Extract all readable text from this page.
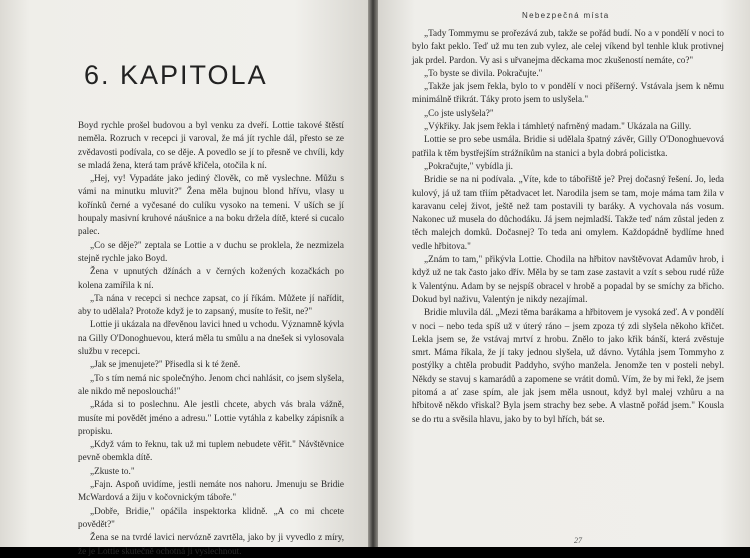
6. KAPITOLA

Boyd rychle prošel budovou a byl venku za dveří. Lottie takové štěstí neměla. Rozruch v recepci ji varoval, že má jít rychle dál, přesto se ze zvědavosti podívala, co se děje. A povedlo se jí to přesně ve chvíli, kdy se mladá žena, která tam právě křičela, otočila k ní.

„Hej, vy! Vypadáte jako jediný člověk, co mě vyslechne. Můžu s vámi na minutku mluvit?" Žena měla bujnou blond hřívu, vlasy u kořínků černé a vyčesané do culíku vysoko na temeni. V uších se jí houpaly masivní kruhové náušnice a na boku držela dítě, které si cucalo palec.

„Co se děje?" zeptala se Lottie a v duchu se proklela, že nezmizela stejně rychle jako Boyd.

Žena v upnutých džínách a v černých kožených kozačkách po kolena zamířila k ní.

„Ta nána v recepci si nechce zapsat, co jí říkám. Můžete jí nařídit, aby to udělala? Protože když je to zapsaný, musíte to řešit, ne?"

Lottie ji ukázala na dřevěnou lavici hned u vchodu. Významně kývla na Gilly O'Donoghuevou, která měla tu smůlu a na dnešek si vylosovala službu v recepci.

„Jak se jmenujete?" Přisedla si k té ženě.

„To s tím nemá nic společnýho. Jenom chci nahlásit, co jsem slyšela, ale nikdo mě neposlouchá!"

„Ráda si to poslechnu. Ale jestli chcete, abych vás brala vážně, musíte mi povědět jméno a adresu." Lottie vytáhla z kabelky zápisník a propisku.

„Když vám to řeknu, tak už mi tuplem nebudete věřit." Návštěvnice pevně obemkla dítě.

„Zkuste to."

„Fajn. Aspoň uvidíme, jestli nemáte nos nahoru. Jmenuju se Bridie McWardová a žiju v kočovnickým táboře."

„Dobře, Bridie," opáčila inspektorka klidně. „A co mi chcete povědět?"

Žena se na tvrdé lavici nervózně zavrtěla, jako by ji vyvedlo z míry, že je Lottie skutečně ochotná ji vyslechnout.

Nebezpečná místa

„Tady Tommymu se prořezává zub, takže se pořád budí. No a v pondělí v noci to bylo fakt peklo. Teď už mu ten zub vylez, ale celej víkend byl tenhle kluk protivnej jak prdel. Pardon. Vy asi s uřvanejma děckama moc zkušeností nemáte, co?"

„To byste se divila. Pokračujte."

„Takže jak jsem řekla, bylo to v pondělí v noci příšerný. Vstávala jsem k němu minimálně třikrát. Táky proto jsem to uslyšela."

„Co jste uslyšela?"

„Výkřiky. Jak jsem řekla i támhletý nafrněný madam." Ukázala na Gilly.

Lottie se pro sebe usmála. Bridie si udělala špatný závěr, Gilly O'Donoghuevová patřila k těm bystřejším strážníkům na stanici a byla dobrá policistka.

„Pokračujte," vybídla ji.

Bridie se na ni podívala. „Víte, kde to tábořiště je? Prej dočasný řešení. Jo, leda kulový, já už tam třiím pětadvacet let. Narodila jsem se tam, moje máma tam žila v karavanu celej život, ještě než tam postavili ty baráky. A vychovala nás vosum. Nakonec už musela do důchodáku. Já jsem nejmladší. Takže teď nám zůstal jeden z těch malejch domků. Dočasnej? To teda ani omylem. Každopádně bydlíme hned vedle hřbitova."

„Znám to tam," přikývla Lottie. Chodila na hřbitov navštěvovat Adamův hrob, i když už ne tak často jako dřív. Měla by se tam zase zastavit a vzít s sebou rudé růže k Valentýnu. Adam by se nejspíš obracel v hrobě a popadal by se smíchy za břicho. Dokud byl naživu, Valentýn je nikdy nezajímal.

Bridie mluvila dál. „Mezi těma barákama a hřbitovem je vysoká zeď. A v pondělí v noci – nebo teda spíš už v úterý ráno – jsem zpoza tý zdi slyšela někoho křičet. Lekla jsem se, že vstávaj mrtví z hrobu. Znělo to jako křik bánší, která zvěstuje smrt. Máma říkala, že jí taky jednou slyšela, už dávno. Vytáhla jsem Tommyho z postýlky a chtěla probudit Paddyho, svýho manžela. Jenomže ten v posteli nebyl. Někdy se stavuj s kamarádů a zapomene se vrátit domů. Vím, že by mi řekl, že jsem pitomá a ať zase spím, ale jak jsem měla usnout, když byl malej vzhůru a na hřbitově někdo vřiskal? Byla jsem strachy bez sebe. A vlastně pořád jsem." Kousla se do rtu a svěsila hlavu, jako by to byl hřích, bát se.

27
